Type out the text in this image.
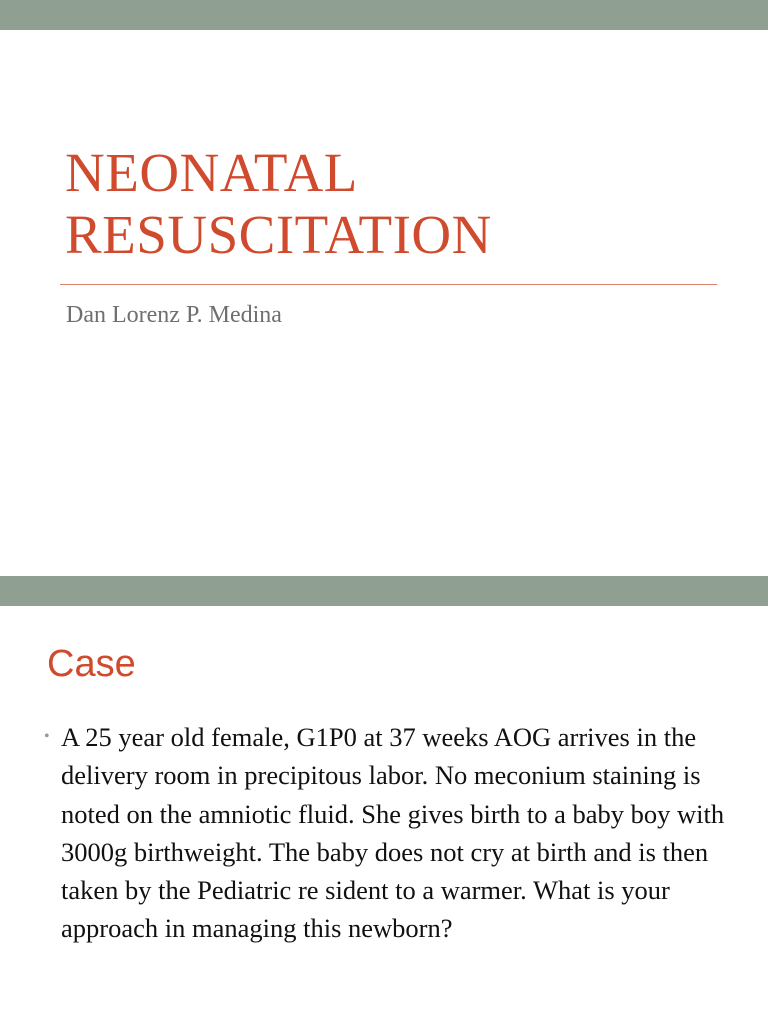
NEONATAL
RESUSCITATION

Dan Lorenz P. Medina

Case
• A 25 year old female, G1P0 at 37 weeks AOG arrives in the delivery room in precipitous labor. No meconium staining is noted on the amniotic fluid. She gives birth to a baby boy with 3000g birthweight. The baby does not cry at birth and is then taken by the Pediatric re sident to a warmer. What is your approach in managing this newborn?
